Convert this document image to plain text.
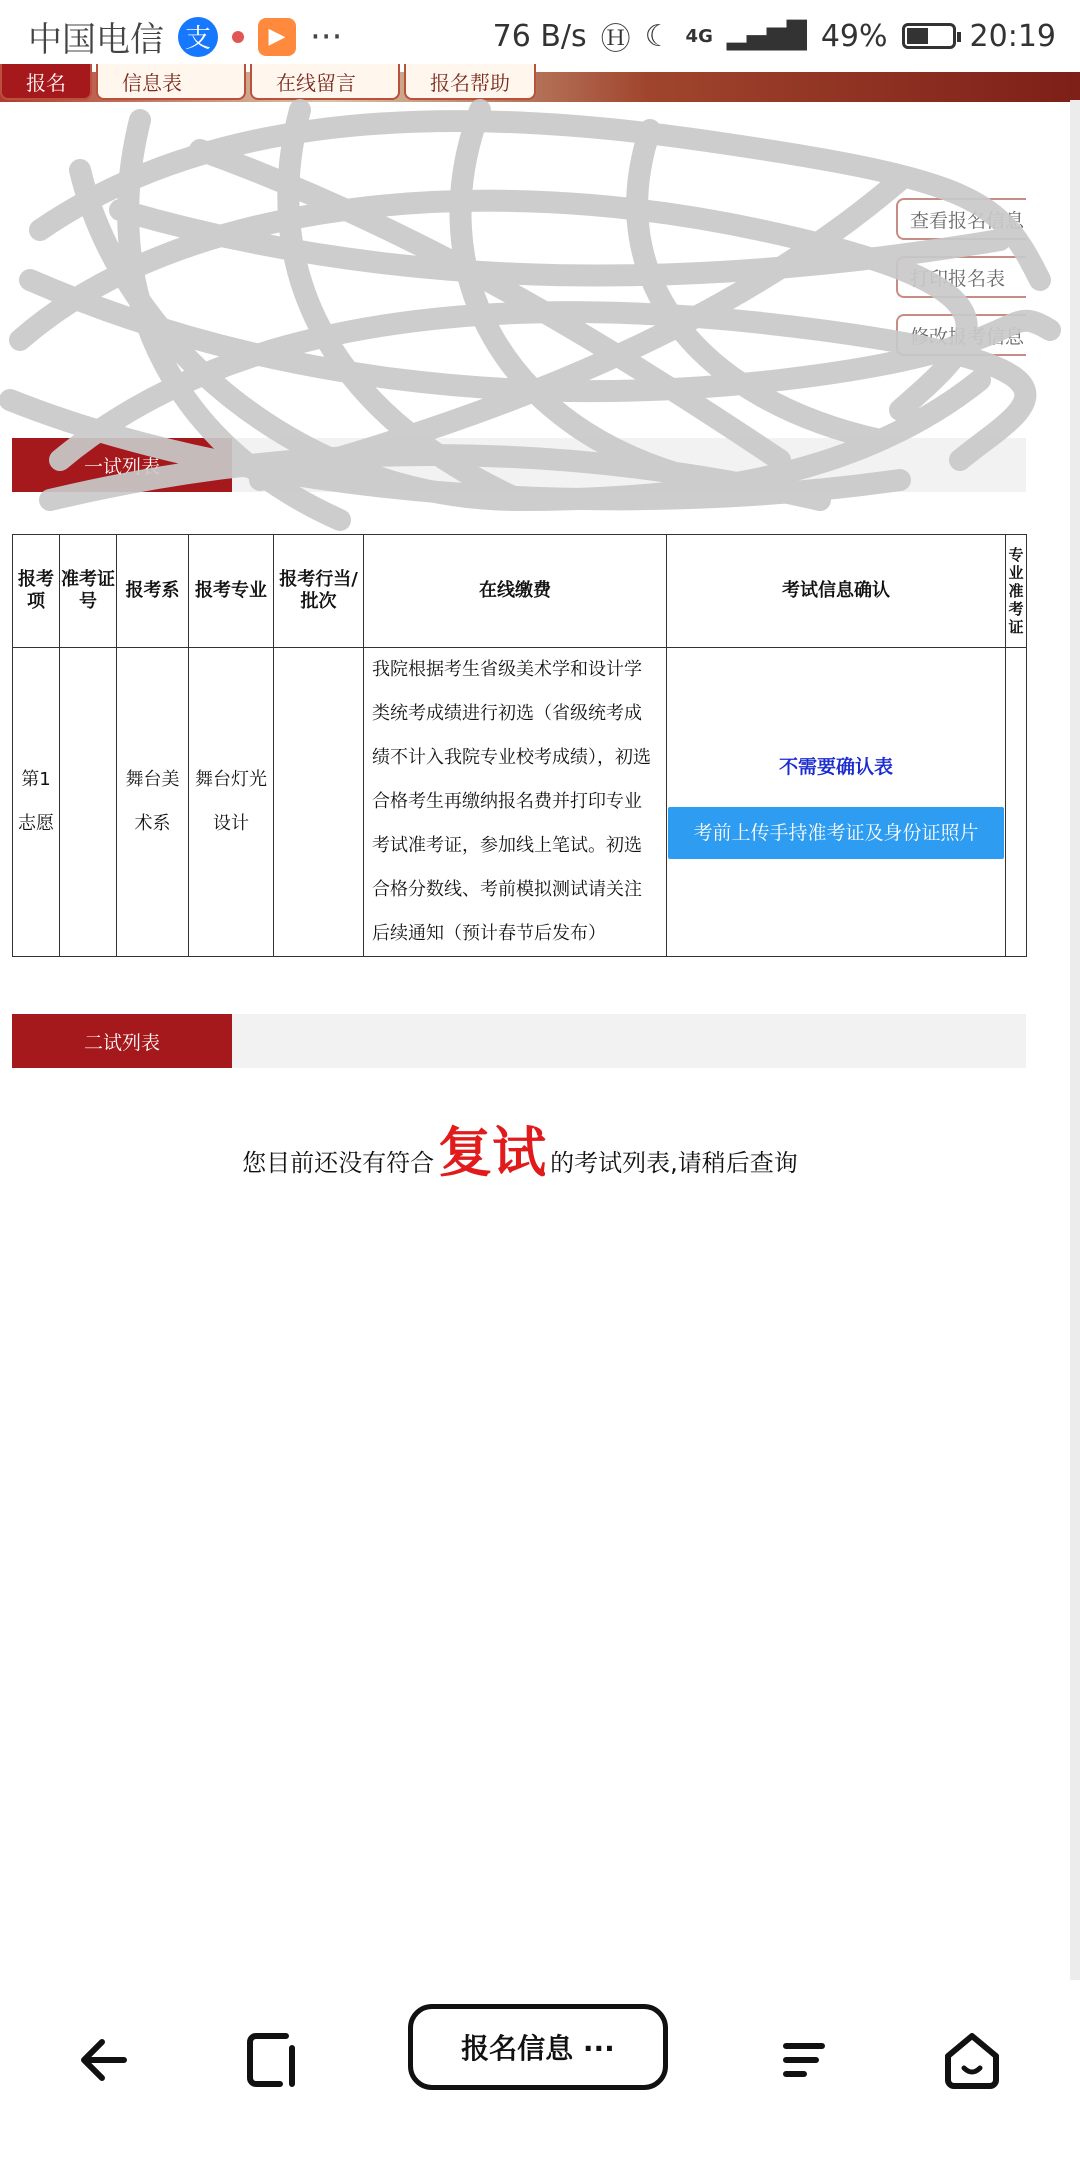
中国电信 支	▶ ···	76 B/s Ⓗ ☾ 4G ▂▄▆█ 49%	20:19
报名	信息表	在线留言	报名帮助
查看报名信息
打印报名表
修改报考信息
一试列表
报考项	准考证号	报考系	报考专业	报考行当/批次	在线缴费	考试信息确认	专业准考证
第1志愿		舞台美术系	舞台灯光设计		我院根据考生省级美术学和设计学类统考成绩进行初选（省级统考成绩不计入我院专业校考成绩），初选合格考生再缴纳报名费并打印专业考试准考证，参加线上笔试。初选合格分数线、考前模拟测试请关注后续通知（预计春节后发布）	不需要确认表
考前上传手持准考证及身份证照片	

二试列表
您目前还没有符合复试 的考试列表,请稍后查询
报名信息 ···
